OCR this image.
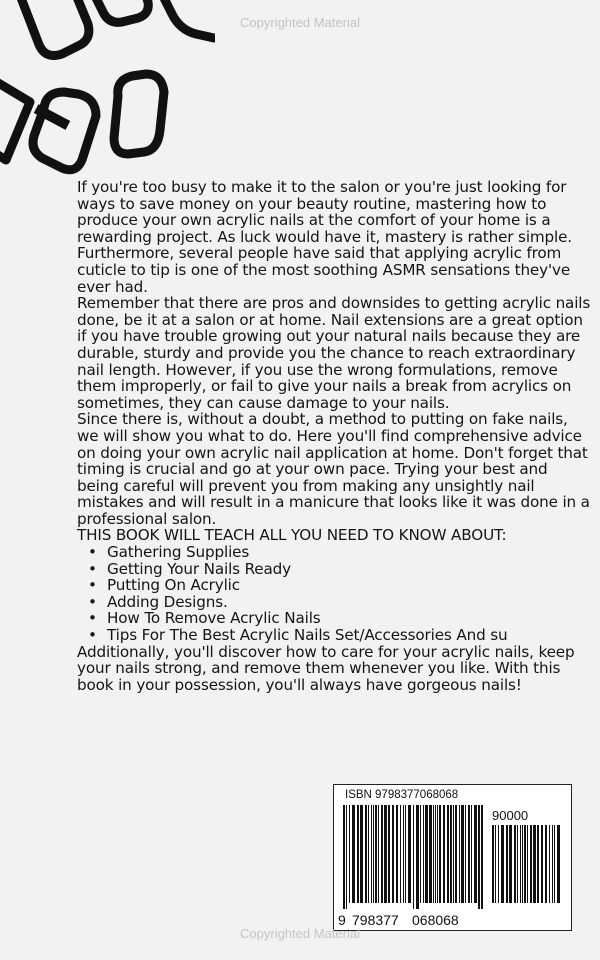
Copyrighted Material

If you're too busy to make it to the salon or you're just looking for ways to save money on your beauty routine, mastering how to produce your own acrylic nails at the comfort of your home is a rewarding project. As luck would have it, mastery is rather simple. Furthermore, several people have said that applying acrylic from cuticle to tip is one of the most soothing ASMR sensations they've ever had.

Remember that there are pros and downsides to getting acrylic nails done, be it at a salon or at home. Nail extensions are a great option if you have trouble growing out your natural nails because they are durable, sturdy and provide you the chance to reach extraordinary nail length. However, if you use the wrong formulations, remove them improperly, or fail to give your nails a break from acrylics on sometimes, they can cause damage to your nails.

Since there is, without a doubt, a method to putting on fake nails, we will show you what to do. Here you'll find comprehensive advice on doing your own acrylic nail application at home. Don't forget that timing is crucial and go at your own pace. Trying your best and being careful will prevent you from making any unsightly nail mistakes and will result in a manicure that looks like it was done in a professional salon.

THIS BOOK WILL TEACH ALL YOU NEED TO KNOW ABOUT:

• Gathering Supplies
• Getting Your Nails Ready
• Putting On Acrylic
• Adding Designs.
• How To Remove Acrylic Nails
• Tips For The Best Acrylic Nails Set/Accessories And su

Additionally, you'll discover how to care for your acrylic nails, keep your nails strong, and remove them whenever you like. With this book in your possession, you'll always have gorgeous nails!

ISBN 9798377068068
90000
9 798377 068068
Copyrighted Material
